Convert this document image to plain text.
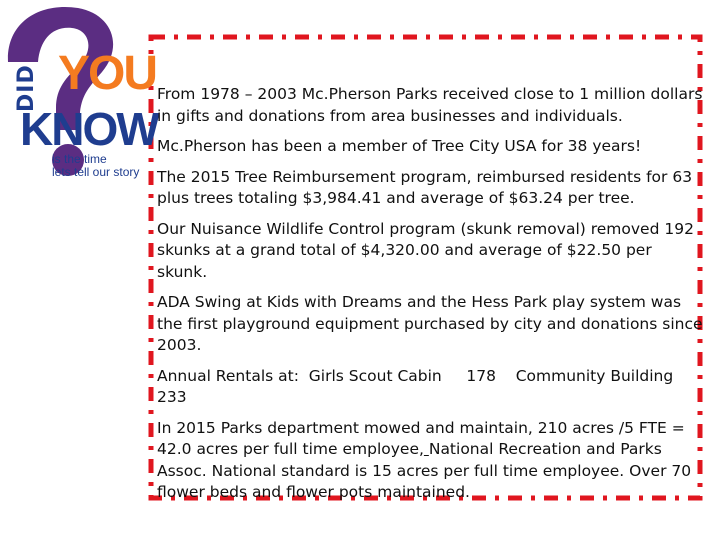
DID YOU
KNOW
is the time
lets tell our story

From 1978 – 2003 Mc.Pherson Parks received close to 1 million dollars in gifts and donations from area businesses and individuals.

Mc.Pherson has been a member of Tree City USA for 38 years!

The 2015 Tree Reimbursement program, reimbursed residents for 63 plus trees totaling $3,984.41 and average of $63.24 per tree.

Our Nuisance Wildlife Control program (skunk removal) removed 192 skunks at a grand total of $4,320.00 and average of $22.50 per skunk.

ADA Swing at Kids with Dreams and the Hess Park play system was the first playground equipment purchased by city and donations since 2003.

Annual Rentals at: Girls Scout Cabin 178 Community Building  233

In 2015 Parks department mowed and maintain, 210 acres /5 FTE = 42.0 acres per full time employee, National Recreation and Parks Assoc. National standard is 15 acres per full time employee. Over 70 flower beds and flower pots maintained.
